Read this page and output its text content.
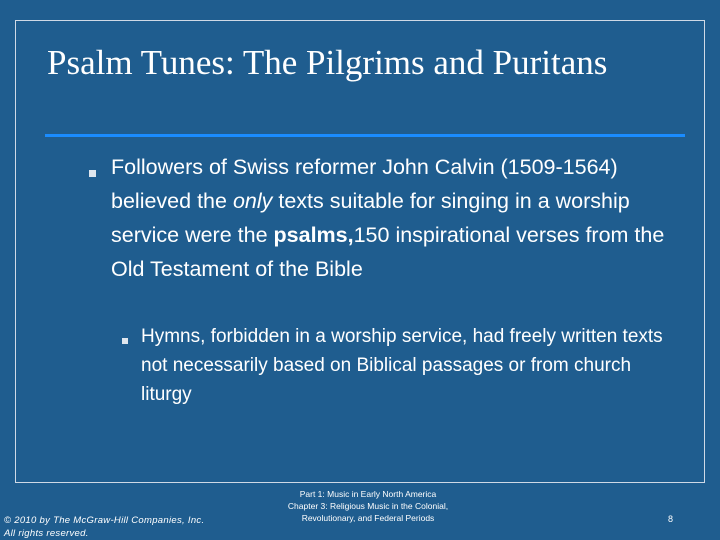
Psalm Tunes: The Pilgrims and Puritans

Followers of Swiss reformer John Calvin (1509-1564) believed the only texts suitable for singing in a worship service were the psalms,150 inspirational verses from the Old Testament of the Bible

Hymns, forbidden in a worship service, had freely written texts not necessarily based on Biblical passages or from church liturgy

© 2010 by The McGraw-Hill Companies, Inc.
All rights reserved.
Part 1: Music in Early North America
Chapter 3: Religious Music in the Colonial,
Revolutionary, and Federal Periods	8
